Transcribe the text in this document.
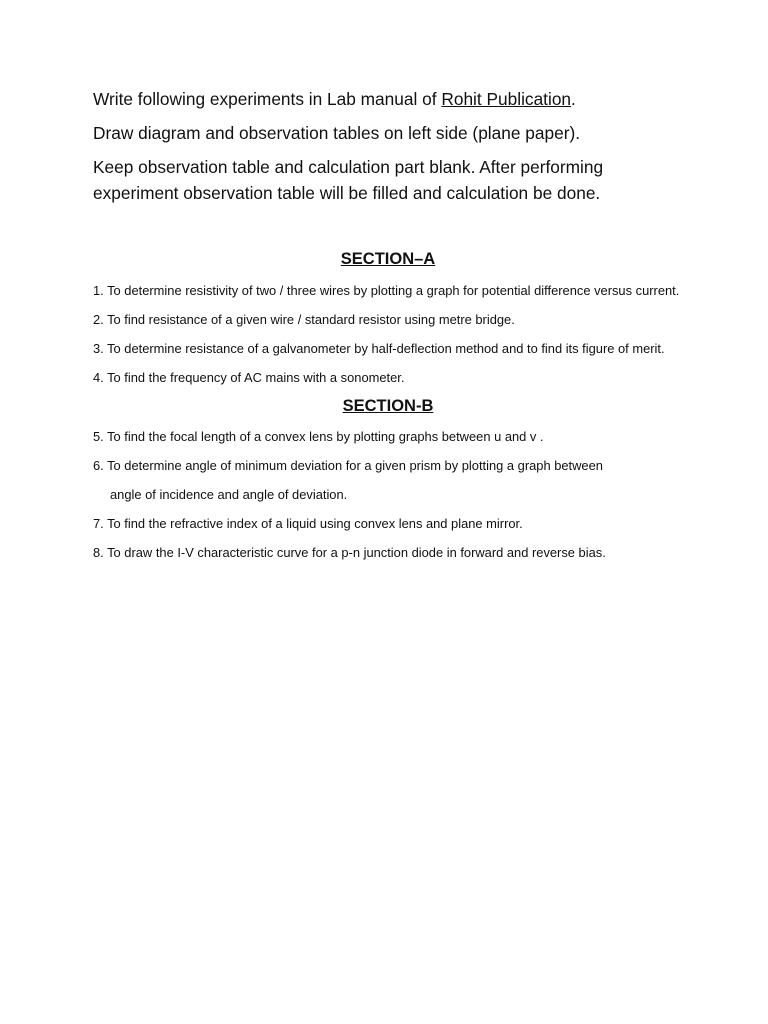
Write following experiments in Lab manual of Rohit Publication.

Draw diagram and observation tables on left side (plane paper).

Keep observation table and calculation part blank. After performing experiment observation table will be filled and calculation be done.

SECTION–A

1. To determine resistivity of two / three wires by plotting a graph for potential difference versus current.

2. To find resistance of a given wire / standard resistor using metre bridge.

3. To determine resistance of a galvanometer by half-deflection method and to find its figure of merit.

4. To find the frequency of AC mains with a sonometer.

SECTION-B

5. To find the focal length of a convex lens by plotting graphs between u and v .

6. To determine angle of minimum deviation for a given prism by plotting a graph between
angle of incidence and angle of deviation.

7. To find the refractive index of a liquid using convex lens and plane mirror.

8. To draw the I-V characteristic curve for a p-n junction diode in forward and reverse bias.
